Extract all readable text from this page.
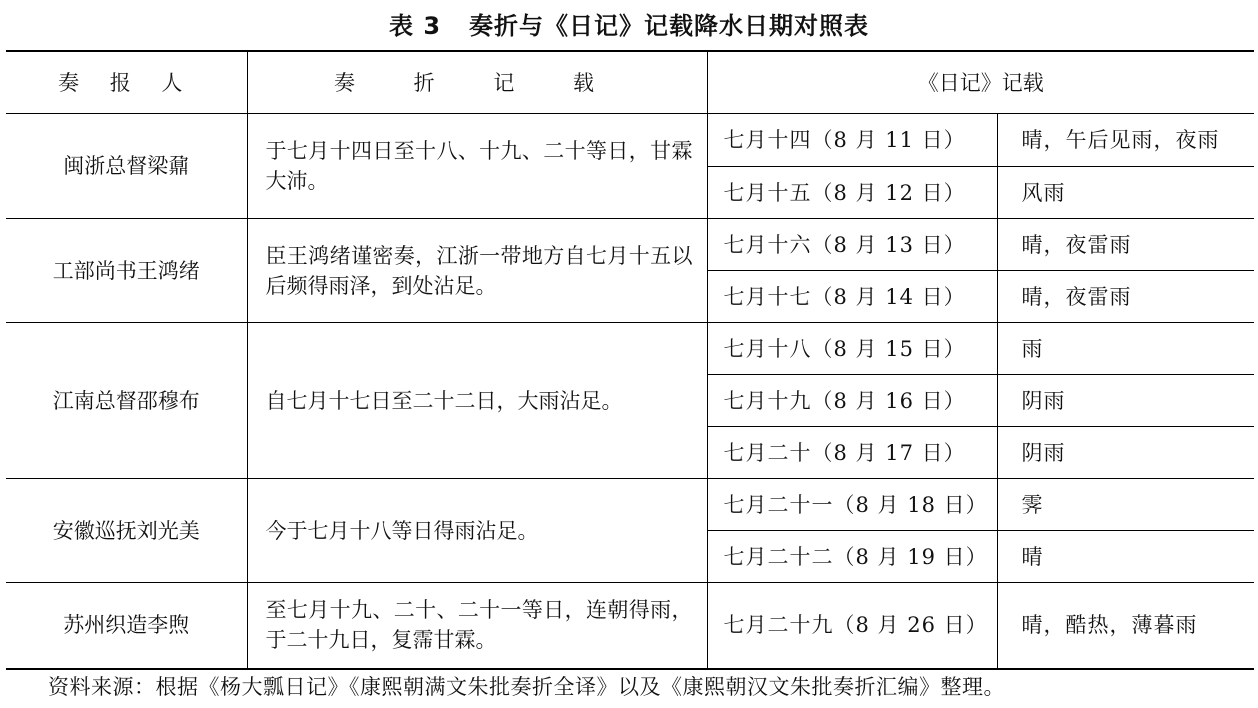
表 3 奏折与《日记》记载降水日期对照表
奏 报 人	奏 折 记 载	《日记》记载	
闽浙总督梁鼐	于七月十四日至十八、十九、二十等日，甘霖大沛。	七月十四（8 月 11 日）	晴，午后见雨，夜雨
		七月十五（8 月 12 日）	风雨
工部尚书王鸿绪	臣王鸿绪谨密奏，江浙一带地方自七月十五以后频得雨泽，到处沾足。	七月十六（8 月 13 日）	晴，夜雷雨
		七月十七（8 月 14 日）	晴，夜雷雨
江南总督邵穆布	自七月十七日至二十二日，大雨沾足。	七月十八（8 月 15 日）	雨
		七月十九（8 月 16 日）	阴雨
		七月二十（8 月 17 日）	阴雨
安徽巡抚刘光美	今于七月十八等日得雨沾足。	七月二十一（8 月 18 日）	霁
		七月二十二（8 月 19 日）	晴
苏州织造李煦	至七月十九、二十、二十一等日，连朝得雨，于二十九日，复霈甘霖。	七月二十九（8 月 26 日）	晴，酷热，薄暮雨
资料来源：根据《杨大瓢日记》《康熙朝满文朱批奏折全译》以及《康熙朝汉文朱批奏折汇编》整理。
